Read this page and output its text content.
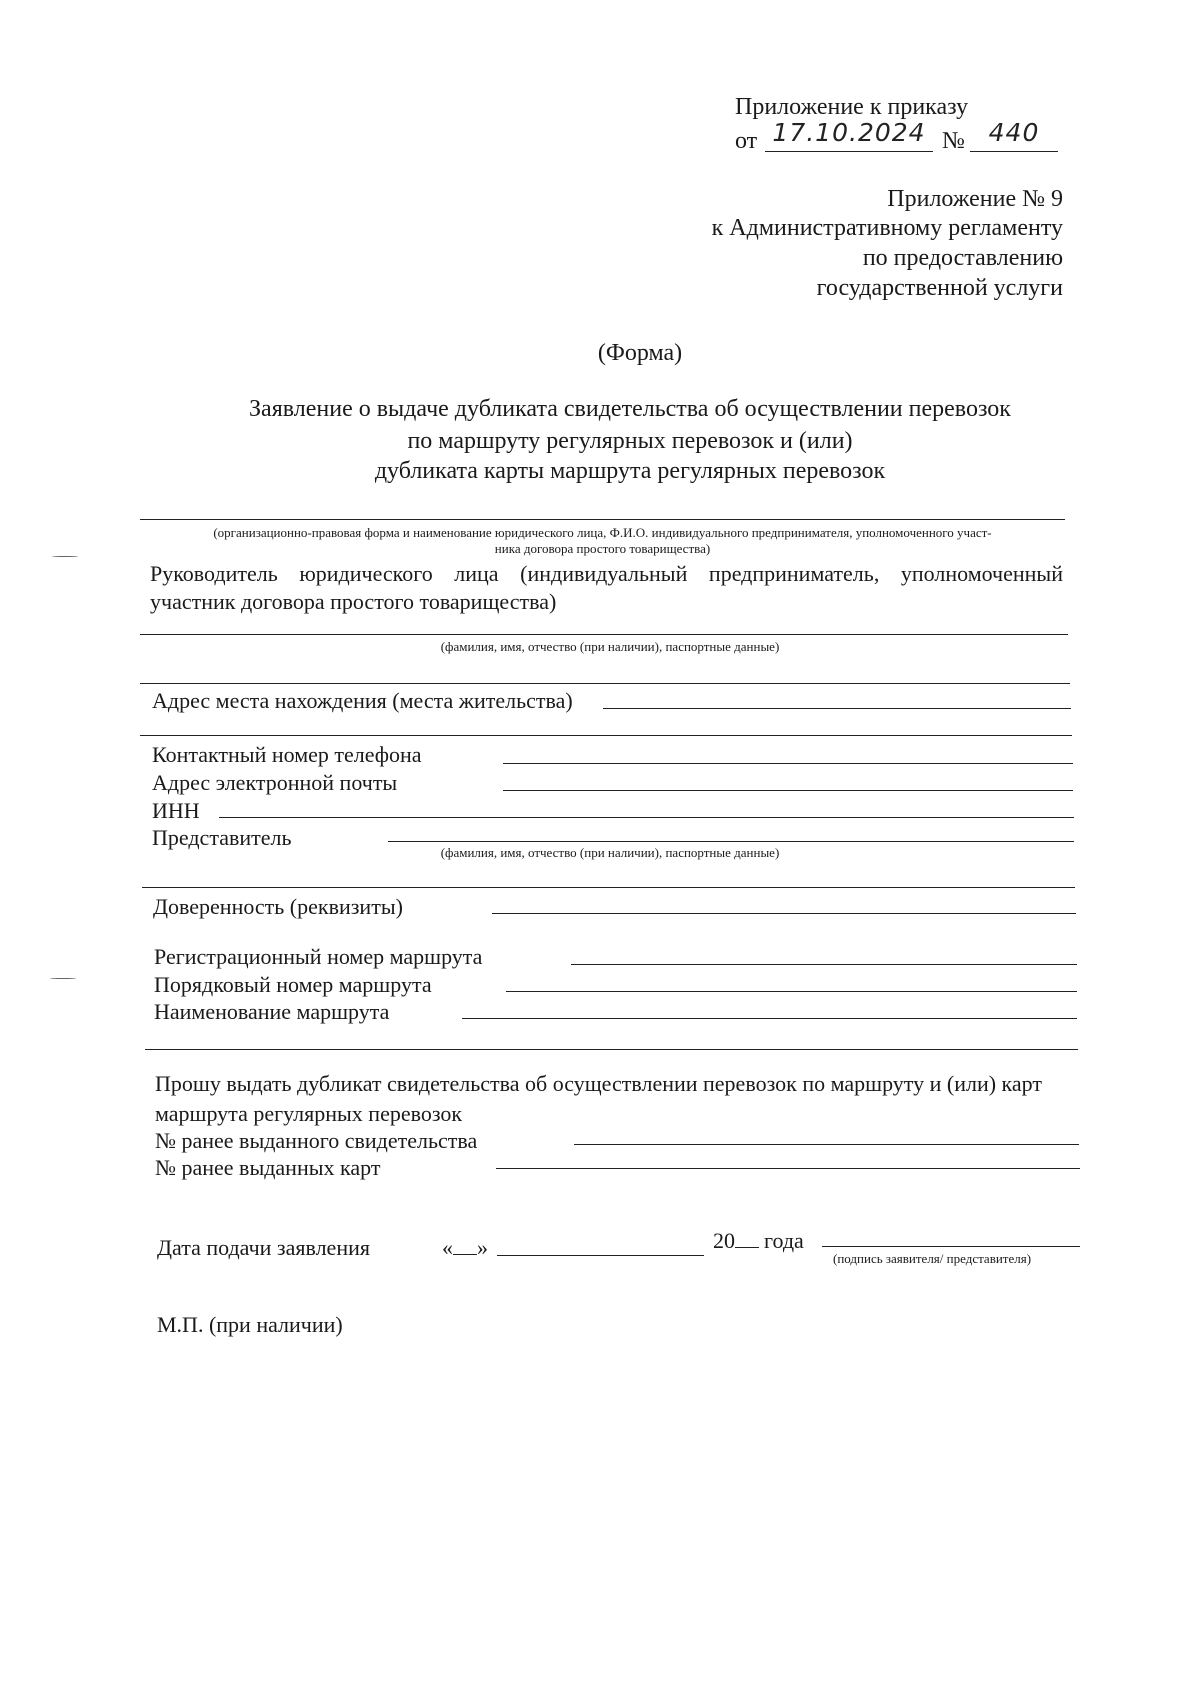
Приложение к приказу
от 17.10.2024 № 440
Приложение № 9
к Административному регламенту
по предоставлению
государственной услуги
(Форма)
Заявление о выдаче дубликата свидетельства об осуществлении перевозок
по маршруту регулярных перевозок и (или)
дубликата карты маршрута регулярных перевозок
(организационно-правовая форма и наименование юридического лица, Ф.И.О. индивидуального предпринимателя, уполномоченного участ-
ника договора простого товарищества)
Руководитель юридического лица (индивидуальный предприниматель, уполномоченный
участник договора простого товарищества)
(фамилия, имя, отчество (при наличии), паспортные данные)
Адрес места нахождения (места жительства)
Контактный номер телефона
Адрес электронной почты
ИНН
Представитель
(фамилия, имя, отчество (при наличии), паспортные данные)
Доверенность (реквизиты)
Регистрационный номер маршрута
Порядковый номер маршрута
Наименование маршрута
Прошу выдать дубликат свидетельства об осуществлении перевозок по маршруту и (или) карт
маршрута регулярных перевозок
№ ранее выданного свидетельства
№ ранее выданных карт
Дата подачи заявления	« »	20	года
(подпись заявителя/ представителя)
М.П. (при наличии)
